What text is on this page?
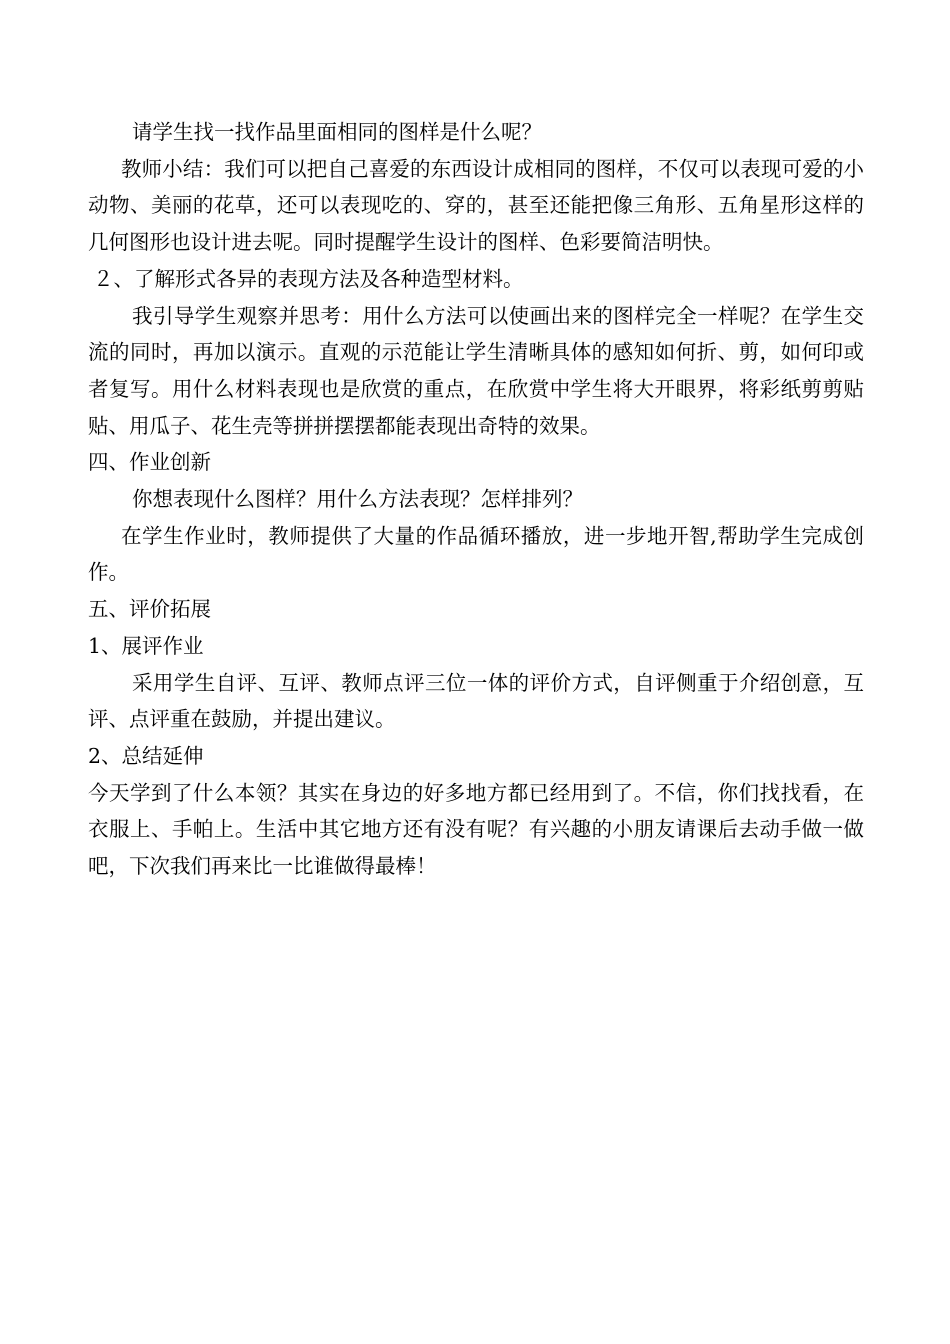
请学生找一找作品里面相同的图样是什么呢？

教师小结：我们可以把自己喜爱的东西设计成相同的图样，不仅可以表现可爱的小动物、美丽的花草，还可以表现吃的、穿的，甚至还能把像三角形、五角星形这样的几何图形也设计进去呢。同时提醒学生设计的图样、色彩要简洁明快。

２、了解形式各异的表现方法及各种造型材料。

我引导学生观察并思考：用什么方法可以使画出来的图样完全一样呢？在学生交流的同时，再加以演示。直观的示范能让学生清晰具体的感知如何折、剪，如何印或者复写。用什么材料表现也是欣赏的重点，在欣赏中学生将大开眼界，将彩纸剪剪贴贴、用瓜子、花生壳等拼拼摆摆都能表现出奇特的效果。

四、作业创新

你想表现什么图样？用什么方法表现？怎样排列？

在学生作业时，教师提供了大量的作品循环播放，进一步地开智,帮助学生完成创作。

五、评价拓展

1、展评作业

采用学生自评、互评、教师点评三位一体的评价方式，自评侧重于介绍创意，互评、点评重在鼓励，并提出建议。

2、总结延伸

今天学到了什么本领？其实在身边的好多地方都已经用到了。不信，你们找找看，在衣服上、手帕上。生活中其它地方还有没有呢？有兴趣的小朋友请课后去动手做一做吧，下次我们再来比一比谁做得最棒！
